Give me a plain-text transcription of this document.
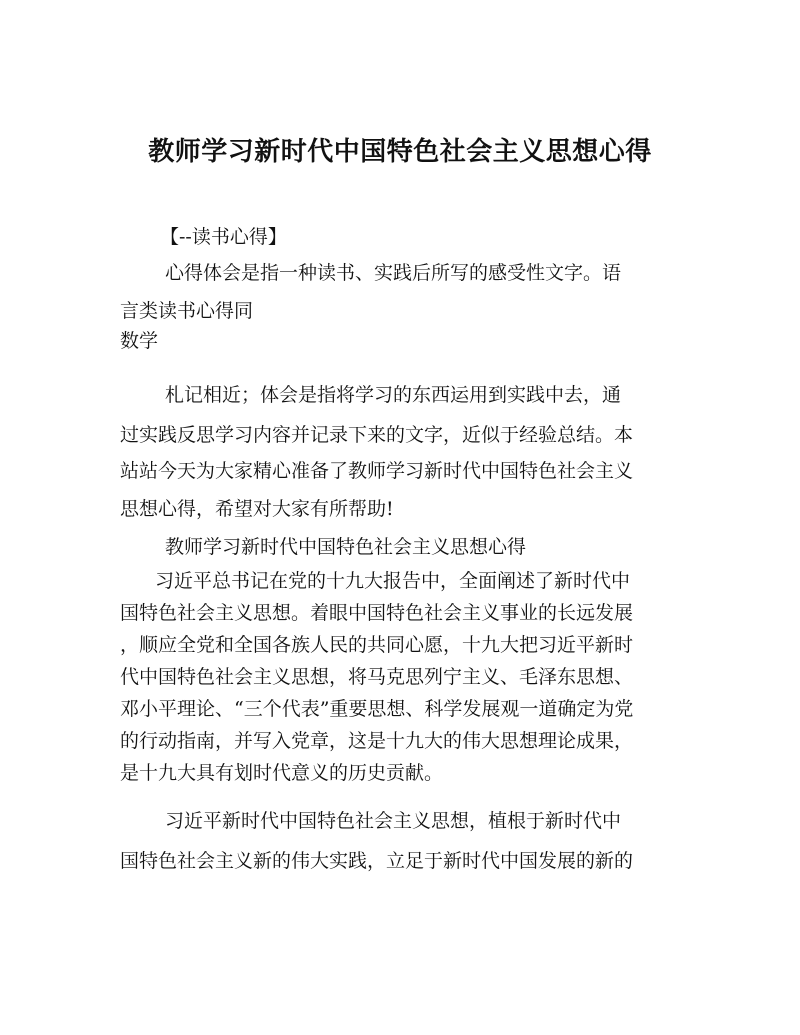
教师学习新时代中国特色社会主义思想心得
【--读书心得】
心得体会是指一种读书、实践后所写的感受性文字。语
言类读书心得同
数学
札记相近；体会是指将学习的东西运用到实践中去，通
过实践反思学习内容并记录下来的文字，近似于经验总结。本
站站今天为大家精心准备了教师学习新时代中国特色社会主义
思想心得，希望对大家有所帮助!
教师学习新时代中国特色社会主义思想心得
习近平总书记在党的十九大报告中，全面阐述了新时代中
国特色社会主义思想。着眼中国特色社会主义事业的长远发展
，顺应全党和全国各族人民的共同心愿，十九大把习近平新时
代中国特色社会主义思想，将马克思列宁主义、毛泽东思想、
邓小平理论、“三个代表”重要思想、科学发展观一道确定为党
的行动指南，并写入党章，这是十九大的伟大思想理论成果，
是十九大具有划时代意义的历史贡献。
习近平新时代中国特色社会主义思想，植根于新时代中
国特色社会主义新的伟大实践，立足于新时代中国发展的新的
